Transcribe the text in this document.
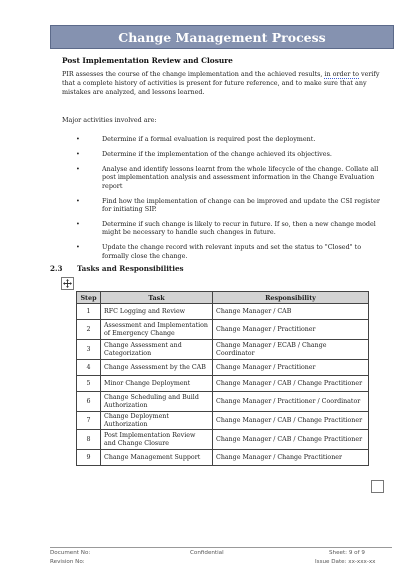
Change Management Process
Post Implementation Review and Closure
PIR assesses the course of the change implementation and the achieved results, in order to verify that a complete history of activities is present for future reference, and to make sure that any mistakes are analyzed, and lessons learned.
Major activities involved are:
•	Determine if a formal evaluation is required post the deployment.
•	Determine if the implementation of the change achieved its objectives.
•	Analyse and identify lessons learnt from the whole lifecycle of the change. Collate all post implementation analysis and assessment information in the Change Evaluation report
•	Find how the implementation of change can be improved and update the CSI register for initiating SIP.
•	Determine if such change is likely to recur in future. If so, then a new change model might be necessary to handle such changes in future.
•	Update the change record with relevant inputs and set the status to "Closed" to formally close the change.
2.3 Tasks and Responsibilities
Step	Task	Responsibility
1	RFC Logging and Review	Change Manager / CAB
2	Assessment and Implementation of Emergency Change	Change Manager / Practitioner
3	Change Assessment and Categorization	Change Manager / ECAB / Change Coordinator
4	Change Assessment by the CAB	Change Manager / Practitioner
5	Minor Change Deployment	Change Manager / CAB / Change Practitioner
6	Change Scheduling and Build Authorization	Change Manager / Practitioner / Coordinator
7	Change Deployment Authorization	Change Manager / CAB / Change Practitioner
8	Post Implementation Review and Change Closure	Change Manager / CAB / Change Practitioner
9	Change Management Support	Change Manager / Change Practitioner
Document No:
Revision No:
Confidential	Sheet: 9 of 9
Issue Date: xx-xxx-xx
